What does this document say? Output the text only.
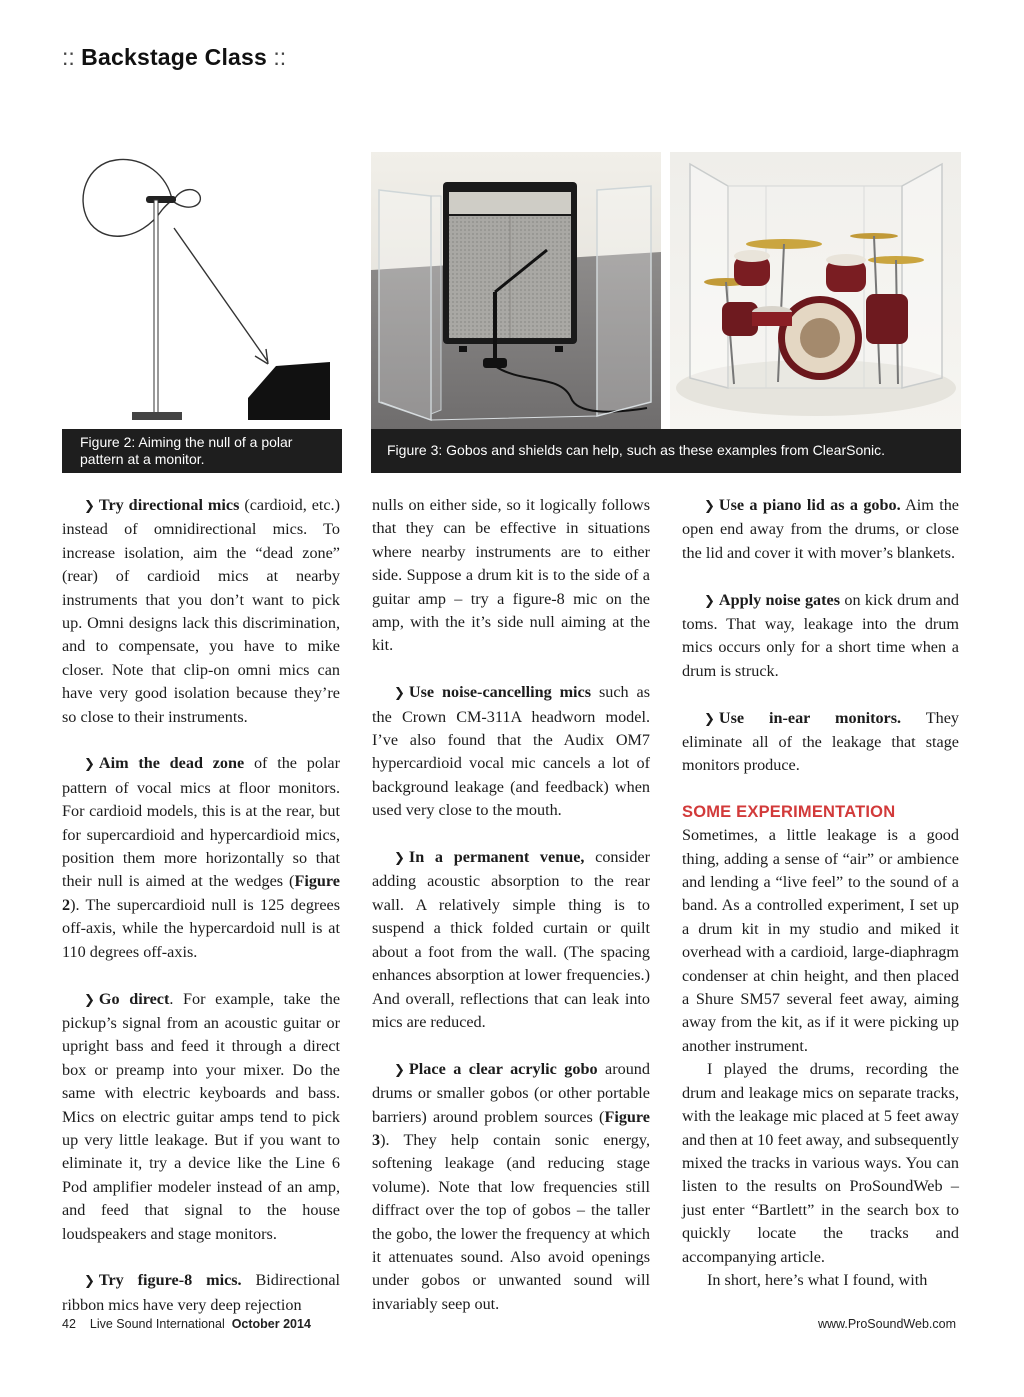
:: Backstage Class ::
Figure 2: Aiming the null of a polar pattern at a monitor.
Figure 3: Gobos and shields can help, such as these examples from ClearSonic.

❯ Try directional mics (cardioid, etc.) instead of omnidirectional mics. To increase isolation, aim the “dead zone” (rear) of cardioid mics at nearby instruments that you don’t want to pick up. Omni designs lack this discrimination, and to compensate, you have to mike closer. Note that clip-on omni mics can have very good isolation because they’re so close to their instruments.

❯ Aim the dead zone of the polar pattern of vocal mics at floor monitors. For cardioid models, this is at the rear, but for supercardioid and hypercardioid mics, position them more horizontally so that their null is aimed at the wedges (Figure 2). The supercardioid null is 125 degrees off-axis, while the hypercardoid null is at 110 degrees off-axis.

❯ Go direct. For example, take the pickup’s signal from an acoustic guitar or upright bass and feed it through a direct box or preamp into your mixer. Do the same with electric keyboards and bass. Mics on electric guitar amps tend to pick up very little leakage. But if you want to eliminate it, try a device like the Line 6 Pod amplifier modeler instead of an amp, and feed that signal to the house loudspeakers and stage monitors.

❯ Try figure-8 mics. Bidirectional ribbon mics have very deep rejection

nulls on either side, so it logically follows that they can be effective in situations where nearby instruments are to either side. Suppose a drum kit is to the side of a guitar amp – try a figure-8 mic on the amp, with the it’s side null aiming at the kit.

❯ Use noise-cancelling mics such as the Crown CM-311A headworn model. I’ve also found that the Audix OM7 hypercardioid vocal mic cancels a lot of background leakage (and feedback) when used very close to the mouth.

❯ In a permanent venue, consider adding acoustic absorption to the rear wall. A relatively simple thing is to suspend a thick folded curtain or quilt about a foot from the wall. (The spacing enhances absorption at lower frequencies.) And overall, reflections that can leak into mics are reduced.

❯ Place a clear acrylic gobo around drums or smaller gobos (or other portable barriers) around problem sources (Figure 3). They help contain sonic energy, softening leakage (and reducing stage volume). Note that low frequencies still diffract over the top of gobos – the taller the gobo, the lower the frequency at which it attenuates sound. Also avoid openings under gobos or unwanted sound will invariably seep out.

❯ Use a piano lid as a gobo. Aim the open end away from the drums, or close the lid and cover it with mover’s blankets.

❯ Apply noise gates on kick drum and toms. That way, leakage into the drum mics occurs only for a short time when a drum is struck.

❯ Use in-ear monitors. They eliminate all of the leakage that stage monitors produce.

SOME EXPERIMENTATION

Sometimes, a little leakage is a good thing, adding a sense of “air” or ambience and lending a “live feel” to the sound of a band. As a controlled experiment, I set up a drum kit in my studio and miked it overhead with a cardioid, large-diaphragm condenser at chin height, and then placed a Shure SM57 several feet away, aiming away from the kit, as if it were picking up another instrument.

I played the drums, recording the drum and leakage mics on separate tracks, with the leakage mic placed at 5 feet away and then at 10 feet away, and subsequently mixed the tracks in various ways. You can listen to the results on ProSoundWeb – just enter “Bartlett” in the search box to quickly locate the tracks and accompanying article.

In short, here’s what I found, with

42 Live Sound International October 2014	www.ProSoundWeb.com
